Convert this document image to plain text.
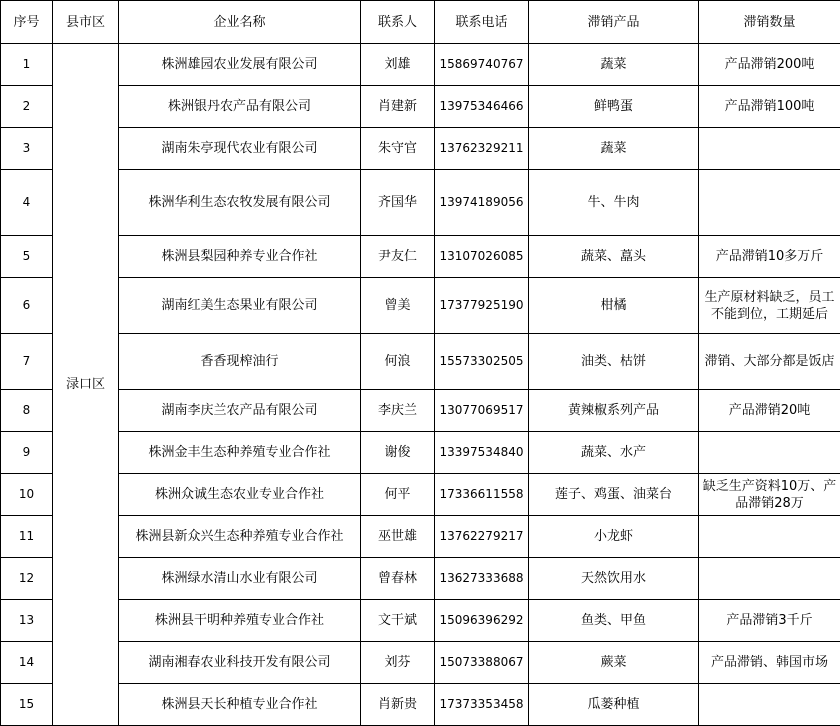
序号	县市区	企业名称	联系人	联系电话	滞销产品	滞销数量
1	渌口区	株洲雄园农业发展有限公司	刘雄	15869740767	蔬菜	产品滞销200吨
2		株洲银丹农产品有限公司	肖建新	13975346466	鲜鸭蛋	产品滞销100吨
3		湖南朱亭现代农业有限公司	朱守官	13762329211	蔬菜	
4		株洲华利生态农牧发展有限公司	齐国华	13974189056	牛、牛肉	
5		株洲县梨园种养专业合作社	尹友仁	13107026085	蔬菜、藠头	产品滞销10多万斤
6		湖南红美生态果业有限公司	曾美	17377925190	柑橘	生产原材料缺乏，员工不能到位，工期延后
7		香香现榨油行	何浪	15573302505	油类、枯饼	滞销、大部分都是饭店
8		湖南李庆兰农产品有限公司	李庆兰	13077069517	黄辣椒系列产品	产品滞销20吨
9		株洲金丰生态种养殖专业合作社	谢俊	13397534840	蔬菜、水产	
10		株洲众诚生态农业专业合作社	何平	17336611558	莲子、鸡蛋、油菜台	缺乏生产资料10万、产品滞销28万
11		株洲县新众兴生态种养殖专业合作社	巫世雄	13762279217	小龙虾	
12		株洲绿水清山水业有限公司	曾春林	13627333688	天然饮用水	
13		株洲县干明种养殖专业合作社	文干斌	15096396292	鱼类、甲鱼	产品滞销3千斤
14		湖南湘春农业科技开发有限公司	刘芬	15073388067	蕨菜	产品滞销、韩国市场
15		株洲县天长种植专业合作社	肖新贵	17373353458	瓜蒌种植	
